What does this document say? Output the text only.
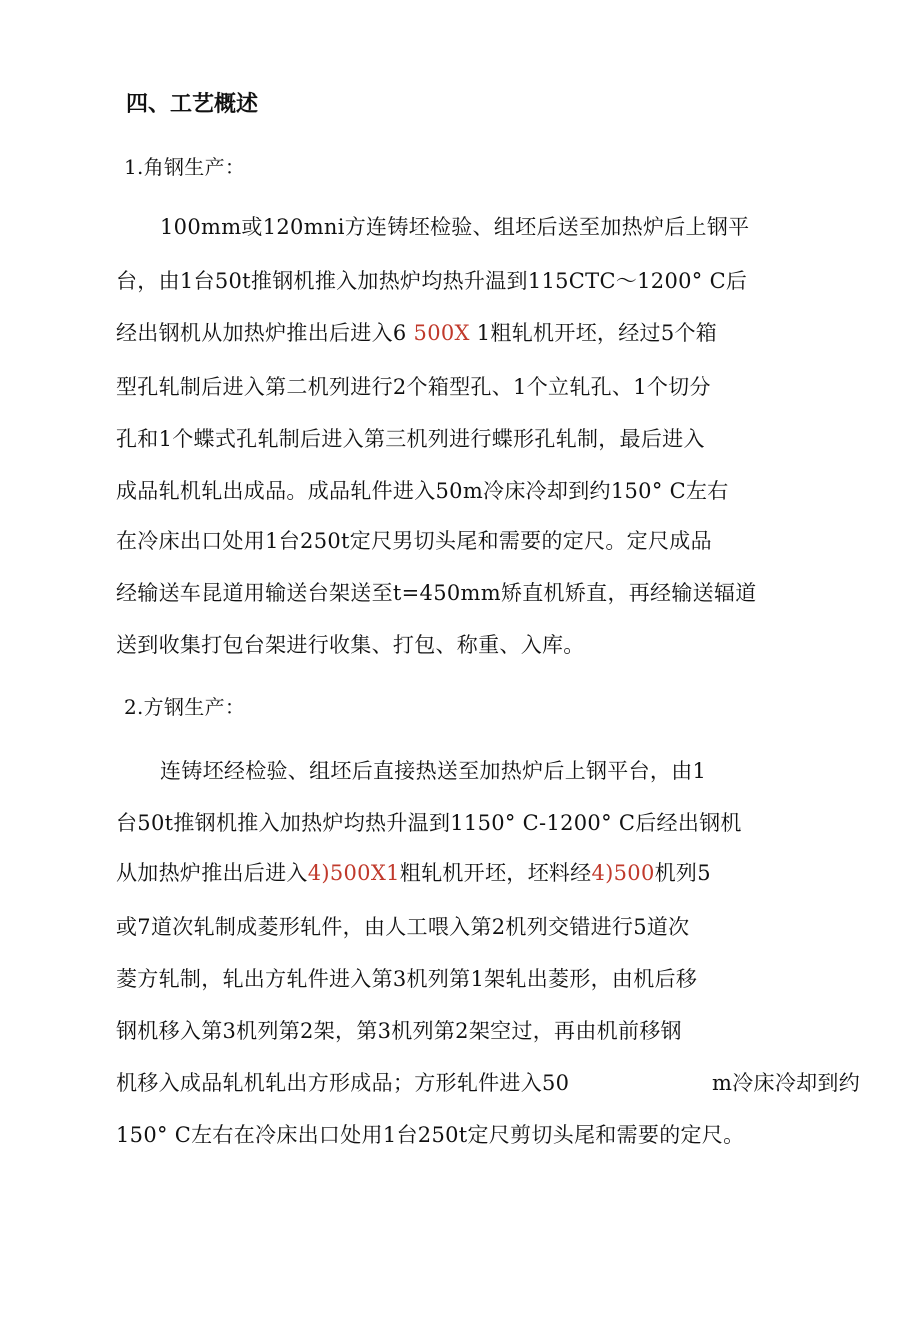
四、工艺概述
1.角钢生产：
100mm或120mni方连铸坯检验、组坯后送至加热炉后上钢平
台，由1台50t推钢机推入加热炉均热升温到115CTC～1200° C后
经出钢机从加热炉推出后进入6 500X 1粗轧机开坯，经过5个箱
型孔轧制后进入第二机列进行2个箱型孔、1个立轧孔、1个切分
孔和1个蝶式孔轧制后进入第三机列进行蝶形孔轧制，最后进入
成品轧机轧出成品。成品轧件进入50m冷床冷却到约150° C左右
在冷床出口处用1台250t定尺男切头尾和需要的定尺。定尺成品
经输送车昆道用输送台架送至t=450mm矫直机矫直，再经输送辐道
送到收集打包台架进行收集、打包、称重、入库。
2.方钢生产：
连铸坯经检验、组坯后直接热送至加热炉后上钢平台，由1
台50t推钢机推入加热炉均热升温到1150° C-1200° C后经出钢机
从加热炉推出后进入4)500X1粗轧机开坯，坯料经4)500机列5
或7道次轧制成菱形轧件，由人工喂入第2机列交错进行5道次
菱方轧制，轧出方轧件进入第3机列第1架轧出菱形，由机后移
钢机移入第3机列第2架，第3机列第2架空过，再由机前移钢
机移入成品轧机轧出方形成品；方形轧件进入50	m冷床冷却到约
150° C左右在冷床出口处用1台250t定尺剪切头尾和需要的定尺。
